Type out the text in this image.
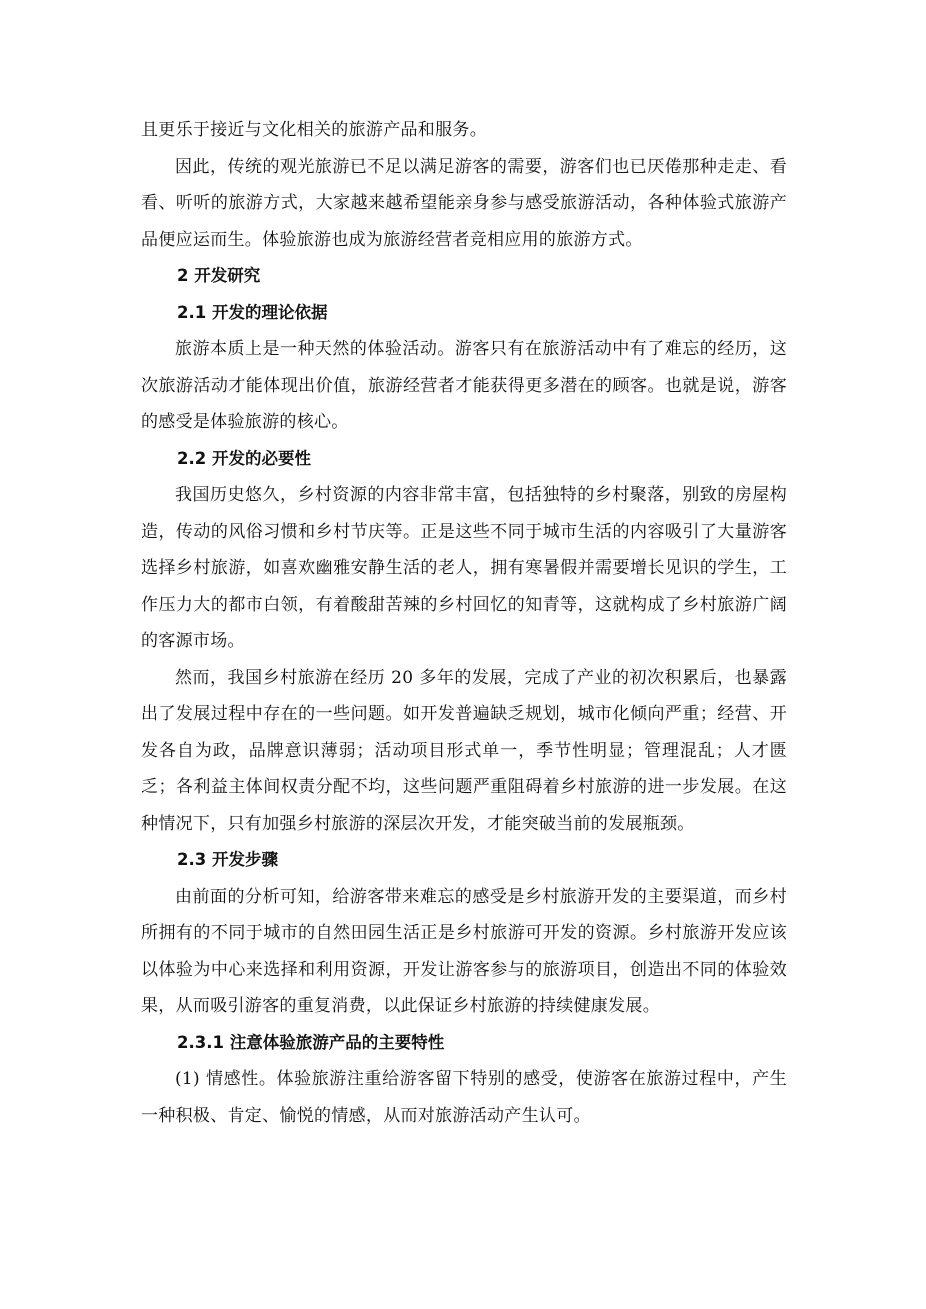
且更乐于接近与文化相关的旅游产品和服务。

因此，传统的观光旅游已不足以满足游客的需要，游客们也已厌倦那种走走、看看、听听的旅游方式，大家越来越希望能亲身参与感受旅游活动，各种体验式旅游产品便应运而生。体验旅游也成为旅游经营者竞相应用的旅游方式。

2 开发研究

2.1 开发的理论依据

旅游本质上是一种天然的体验活动。游客只有在旅游活动中有了难忘的经历，这次旅游活动才能体现出价值，旅游经营者才能获得更多潜在的顾客。也就是说，游客的感受是体验旅游的核心。

2.2 开发的必要性

我国历史悠久，乡村资源的内容非常丰富，包括独特的乡村聚落，别致的房屋构造，传动的风俗习惯和乡村节庆等。正是这些不同于城市生活的内容吸引了大量游客选择乡村旅游，如喜欢幽雅安静生活的老人，拥有寒暑假并需要增长见识的学生，工作压力大的都市白领，有着酸甜苦辣的乡村回忆的知青等，这就构成了乡村旅游广阔的客源市场。

然而，我国乡村旅游在经历 20 多年的发展，完成了产业的初次积累后，也暴露出了发展过程中存在的一些问题。如开发普遍缺乏规划，城市化倾向严重；经营、开发各自为政，品牌意识薄弱；活动项目形式单一，季节性明显；管理混乱；人才匮乏；各利益主体间权责分配不均，这些问题严重阻碍着乡村旅游的进一步发展。在这种情况下，只有加强乡村旅游的深层次开发，才能突破当前的发展瓶颈。

2.3 开发步骤

由前面的分析可知，给游客带来难忘的感受是乡村旅游开发的主要渠道，而乡村所拥有的不同于城市的自然田园生活正是乡村旅游可开发的资源。乡村旅游开发应该以体验为中心来选择和利用资源，开发让游客参与的旅游项目，创造出不同的体验效果，从而吸引游客的重复消费，以此保证乡村旅游的持续健康发展。

2.3.1 注意体验旅游产品的主要特性

(1) 情感性。体验旅游注重给游客留下特别的感受，使游客在旅游过程中，产生一种积极、肯定、愉悦的情感，从而对旅游活动产生认可。
